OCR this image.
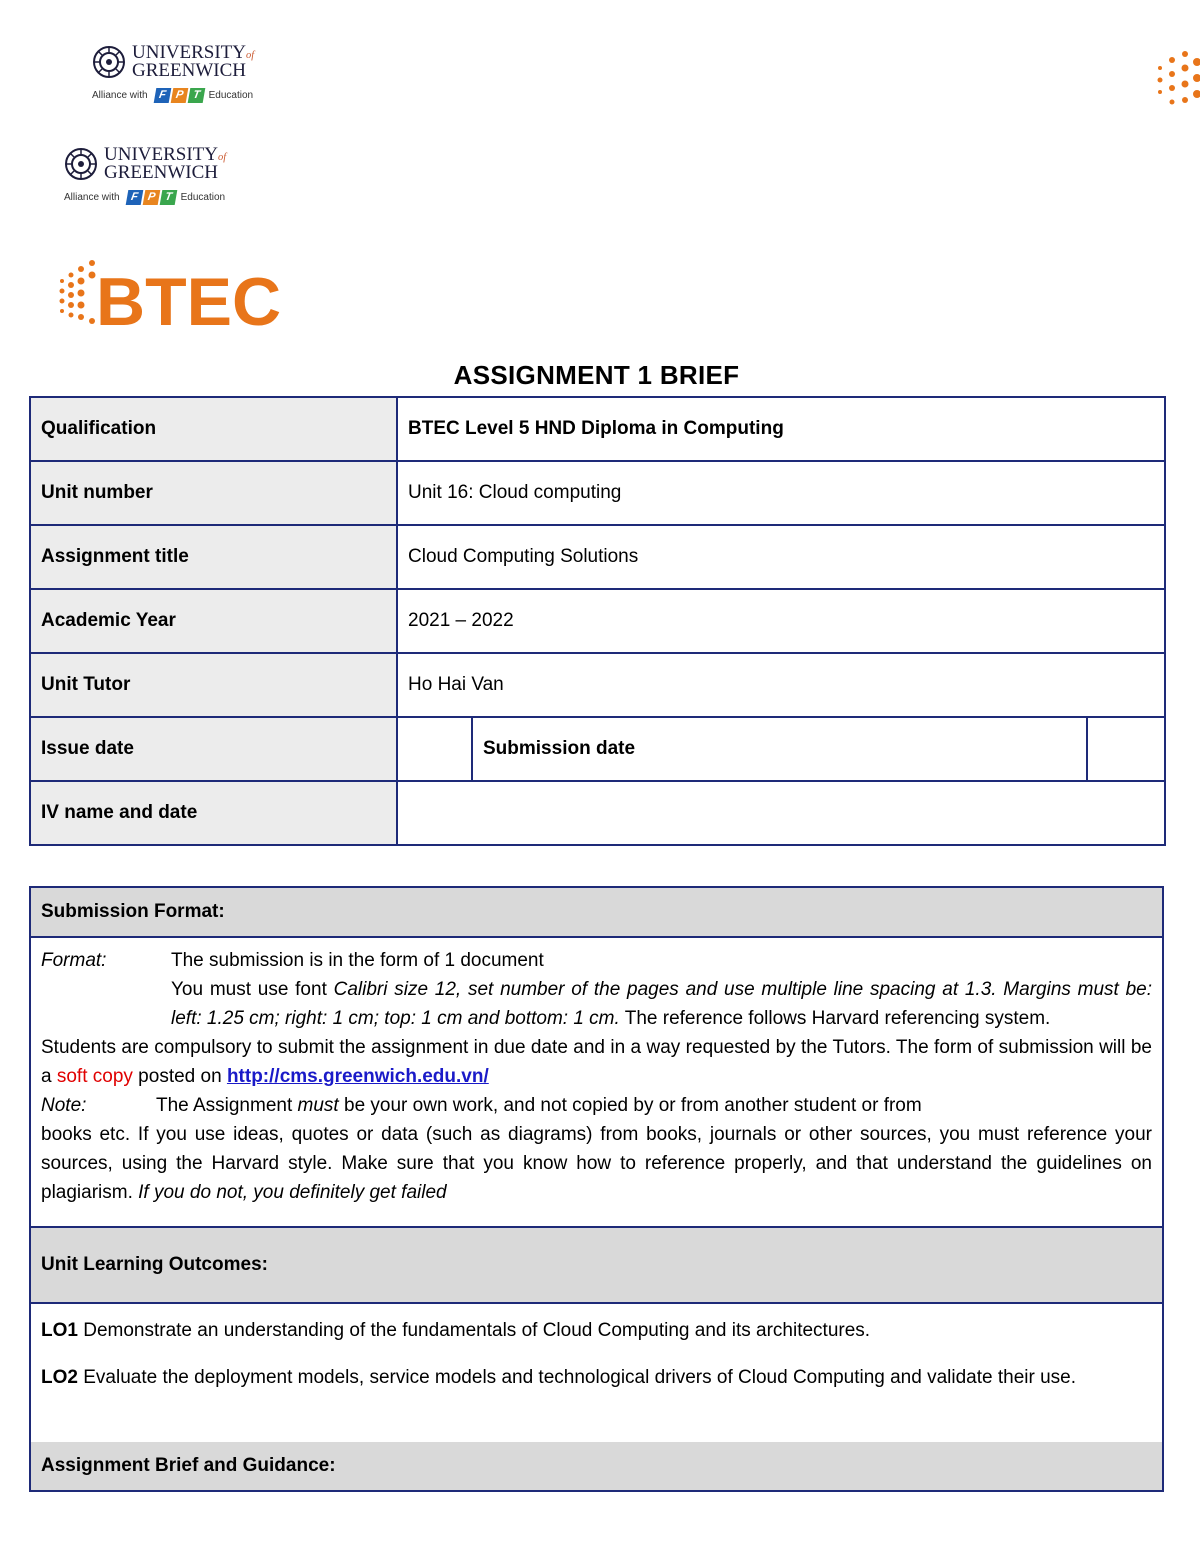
UNIVERSITYof
GREENWICH
Alliance with F P T Education
UNIVERSITYof
GREENWICH
Alliance with F P T Education
BTEC
ASSIGNMENT 1 BRIEF
Qualification	BTEC Level 5 HND Diploma in Computing		
Unit number	Unit 16: Cloud computing		
Assignment title	Cloud Computing Solutions		
Academic Year	2021 – 2022		
Unit Tutor	Ho Hai Van		
Issue date		Submission date	
IV name and date			
Submission Format:
Format:	The submission is in the form of 1 document
You must use font Calibri size 12, set number of the pages and use multiple line spacing at 1.3. Margins must be: left: 1.25 cm; right: 1 cm; top: 1 cm and bottom: 1 cm. The reference follows Harvard referencing system.
Students are compulsory to submit the assignment in due date and in a way requested by the Tutors. The form of submission will be a soft copy posted on http://cms.greenwich.edu.vn/
Note:	The Assignment must be your own work, and not copied by or from another student or from
books etc. If you use ideas, quotes or data (such as diagrams) from books, journals or other sources, you must reference your sources, using the Harvard style. Make sure that you know how to reference properly, and that understand the guidelines on plagiarism. If you do not, you definitely get failed
Unit Learning Outcomes:
LO1 Demonstrate an understanding of the fundamentals of Cloud Computing and its architectures.
LO2 Evaluate the deployment models, service models and technological drivers of Cloud Computing and validate their use.
Assignment Brief and Guidance:
